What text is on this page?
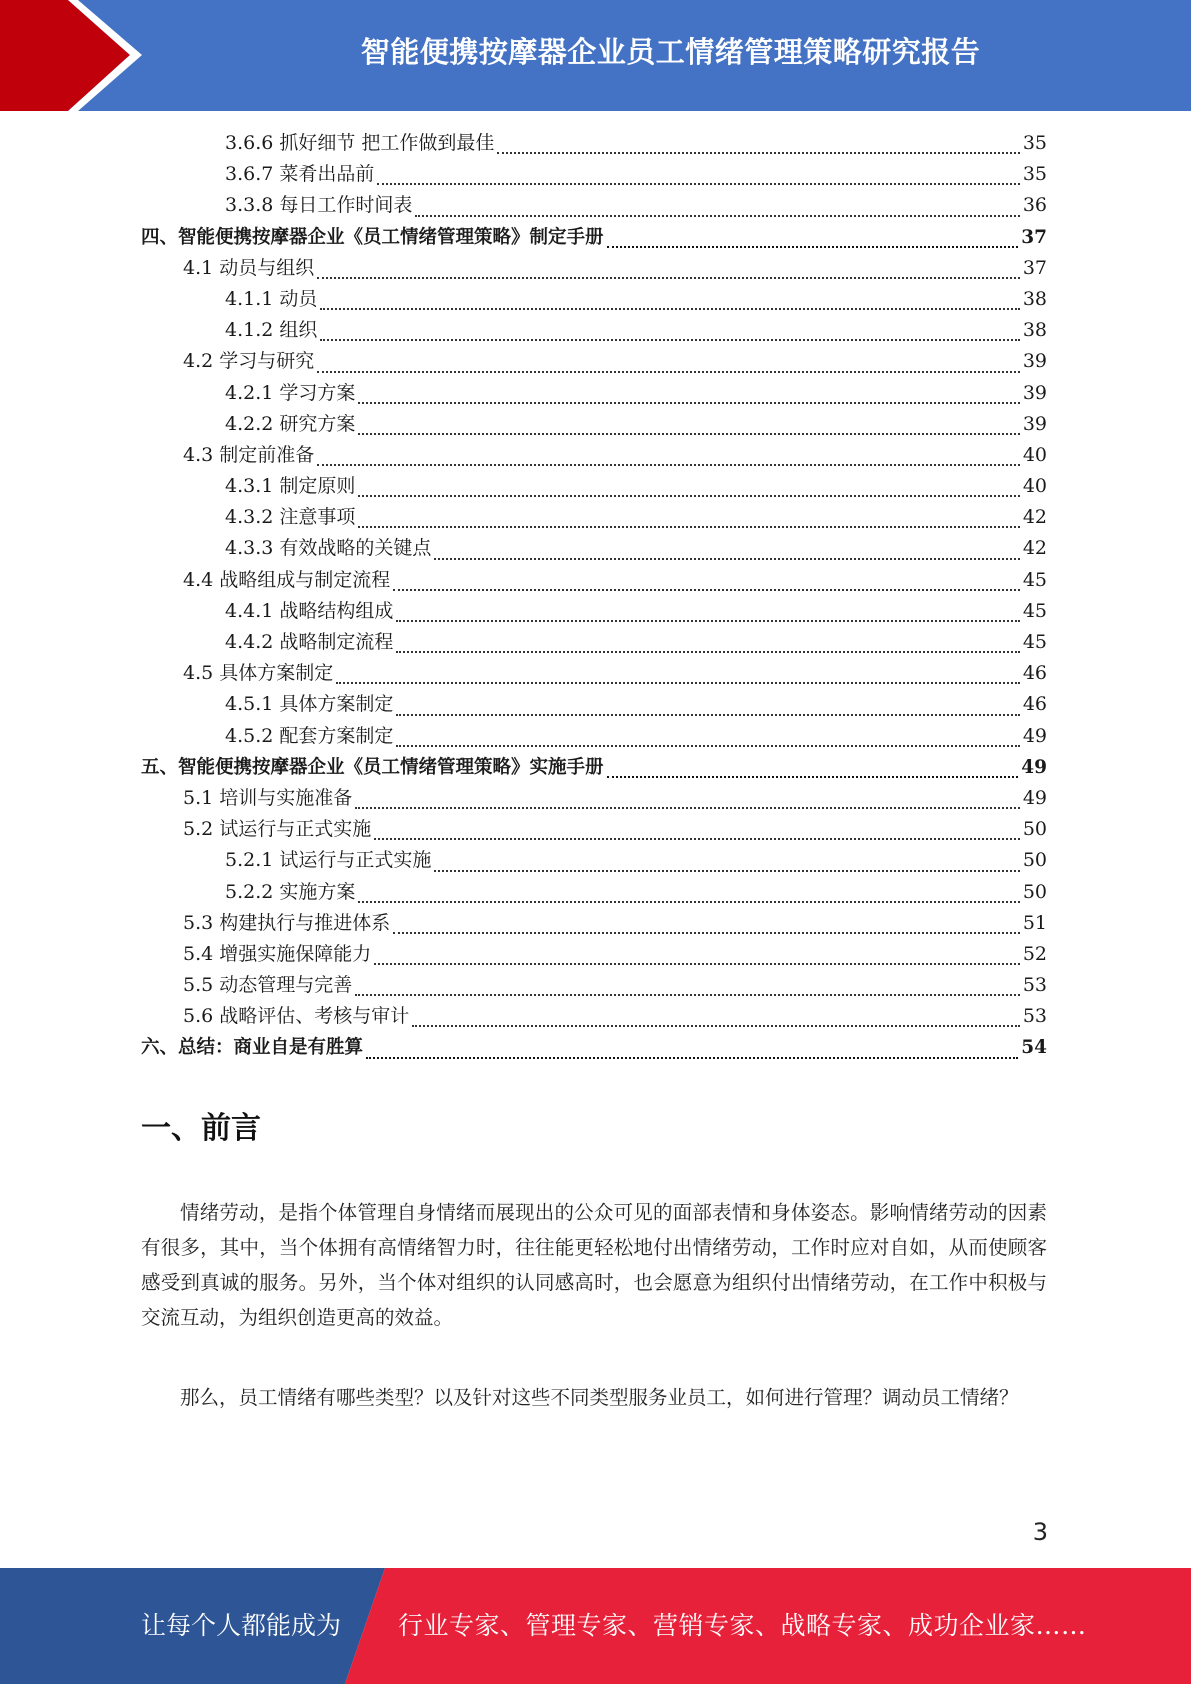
智能便携按摩器企业员工情绪管理策略研究报告
3.6.6 抓好细节 把工作做到最佳	35
3.6.7 菜肴出品前	35
3.3.8 每日工作时间表	36
四、智能便携按摩器企业《员工情绪管理策略》制定手册	37
4.1 动员与组织	37
4.1.1 动员	38
4.1.2 组织	38
4.2 学习与研究	39
4.2.1 学习方案	39
4.2.2 研究方案	39
4.3 制定前准备	40
4.3.1 制定原则	40
4.3.2 注意事项	42
4.3.3 有效战略的关键点	42
4.4 战略组成与制定流程	45
4.4.1 战略结构组成	45
4.4.2 战略制定流程	45
4.5 具体方案制定	46
4.5.1 具体方案制定	46
4.5.2 配套方案制定	49
五、智能便携按摩器企业《员工情绪管理策略》实施手册	49
5.1 培训与实施准备	49
5.2 试运行与正式实施	50
5.2.1 试运行与正式实施	50
5.2.2 实施方案	50
5.3 构建执行与推进体系	51
5.4 增强实施保障能力	52
5.5 动态管理与完善	53
5.6 战略评估、考核与审计	53
六、总结：商业自是有胜算	54
一、前言
情绪劳动，是指个体管理自身情绪而展现出的公众可见的面部表情和身体姿态。影响情绪劳动的因素有很多，其中，当个体拥有高情绪智力时，往往能更轻松地付出情绪劳动，工作时应对自如，从而使顾客感受到真诚的服务。另外，当个体对组织的认同感高时，也会愿意为组织付出情绪劳动，在工作中积极与交流互动，为组织创造更高的效益。
那么，员工情绪有哪些类型？以及针对这些不同类型服务业员工，如何进行管理？调动员工情绪？
3
让每个人都能成为 行业专家、管理专家、营销专家、战略专家、成功企业家……
